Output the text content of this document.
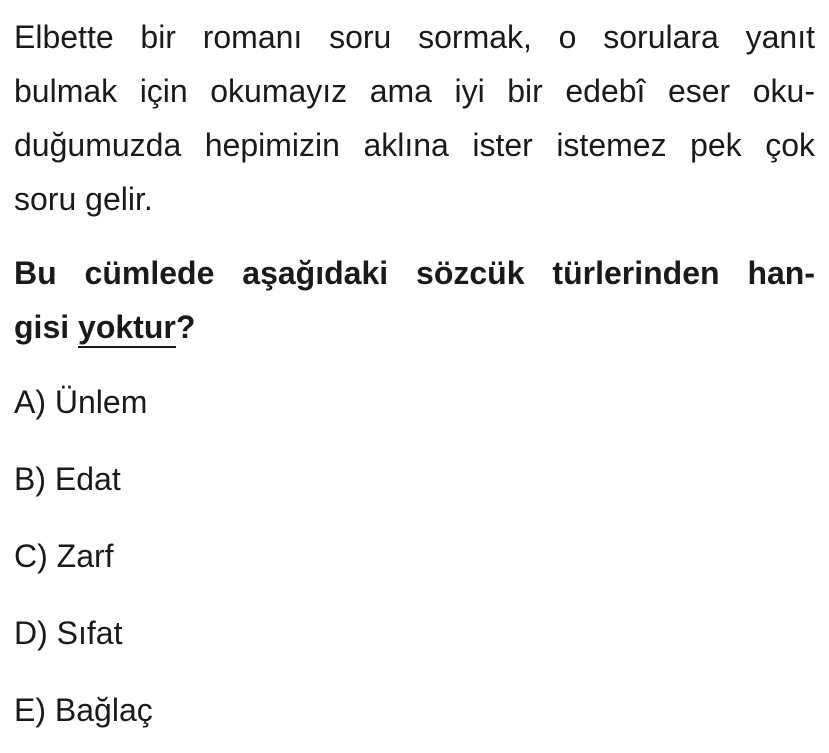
Elbette bir romanı soru sormak, o sorulara yanıt

bulmak için okumayız ama iyi bir edebî eser oku-

duğumuzda hepimizin aklına ister istemez pek çok

soru gelir.

Bu cümlede aşağıdaki sözcük türlerinden han-

gisi yoktur?

A) Ünlem
B) Edat
C) Zarf
D) Sıfat
E) Bağlaç
